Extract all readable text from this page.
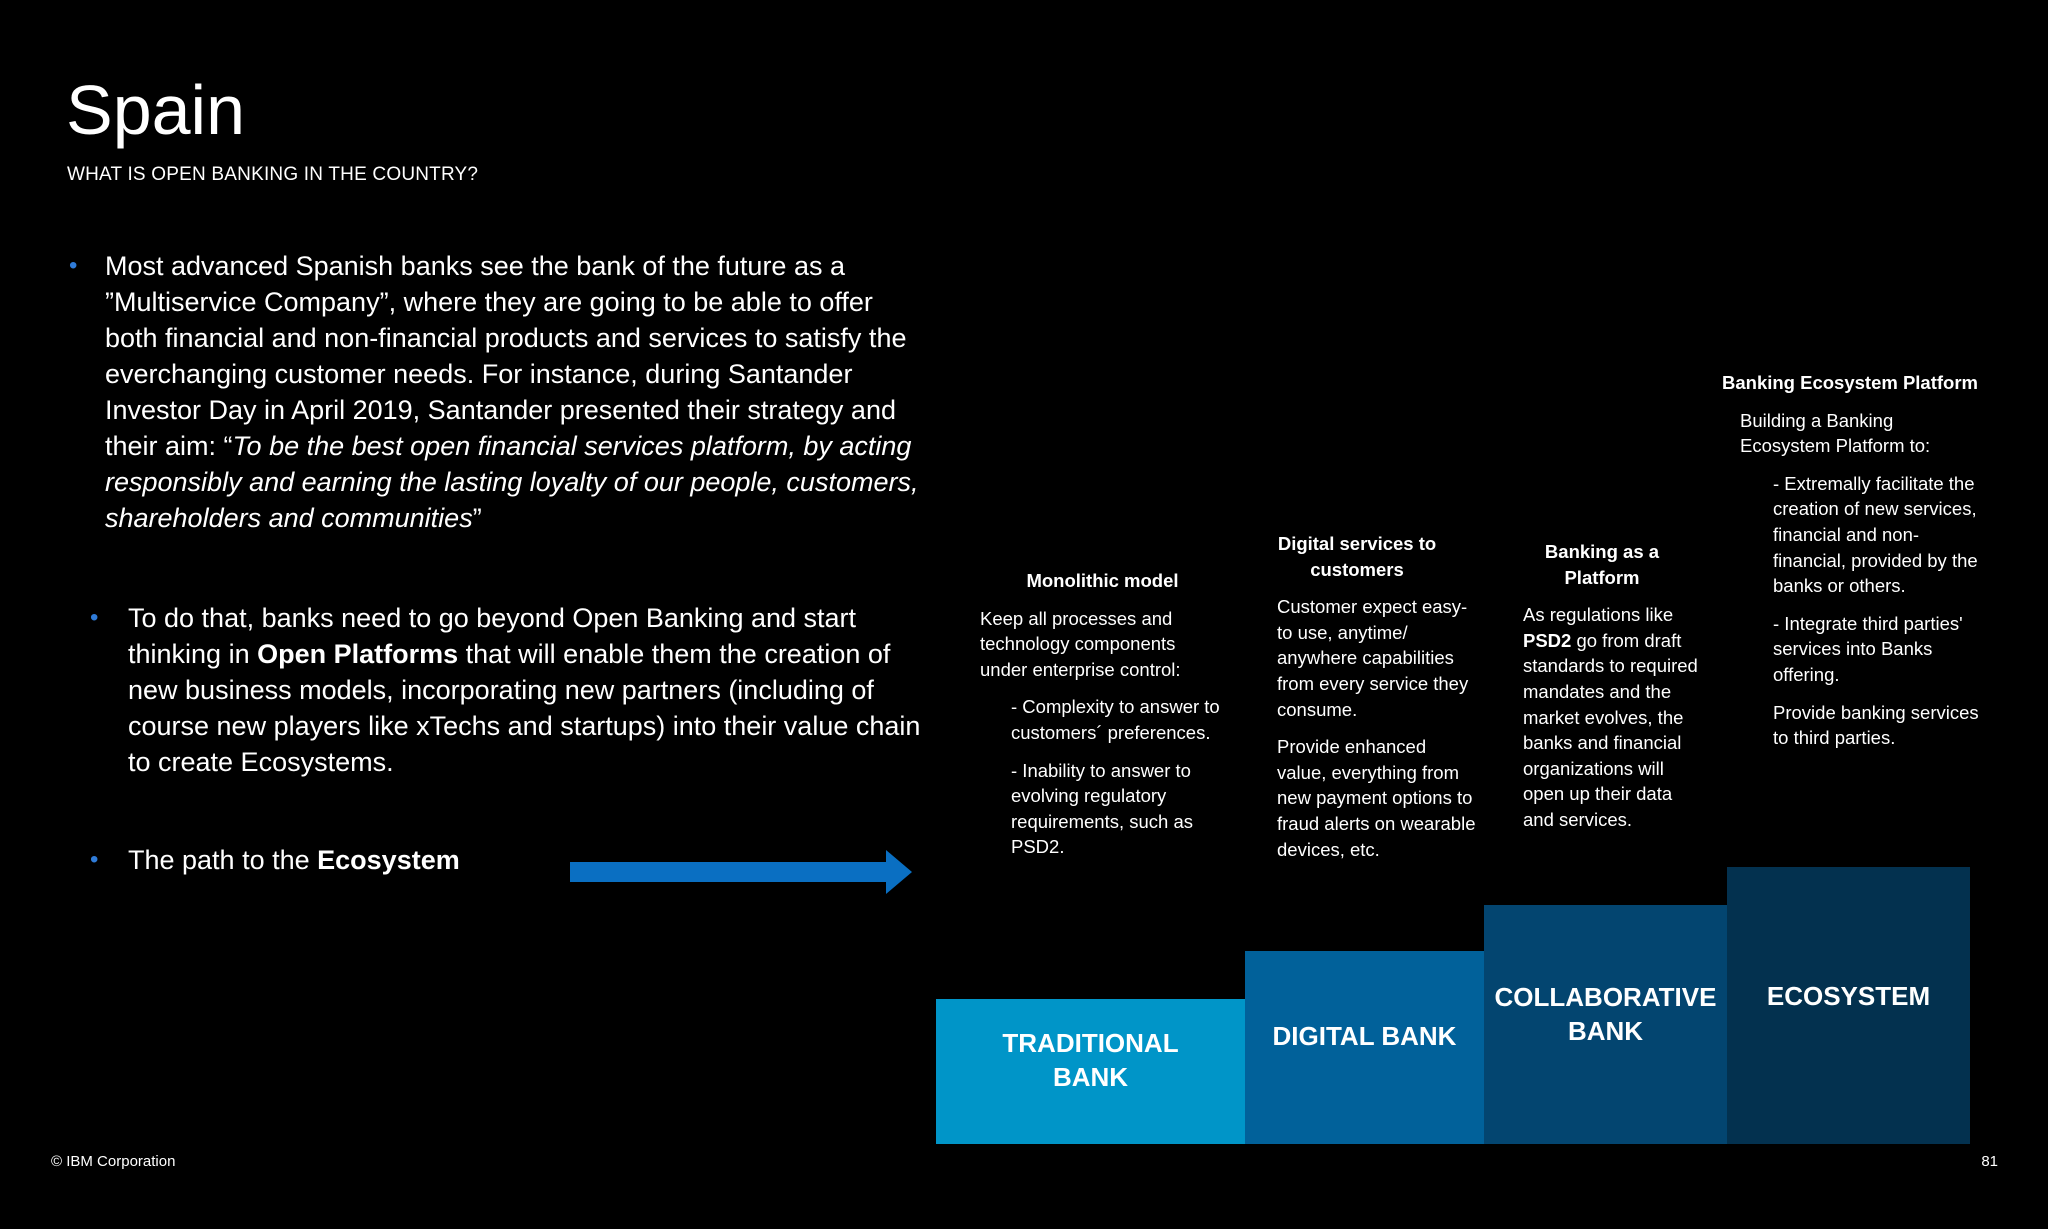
Spain
WHAT IS OPEN BANKING IN THE COUNTRY?
• Most advanced Spanish banks see the bank of the future as a ”Multiservice Company”, where they are going to be able to offer both financial and non-financial products and services to satisfy the everchanging customer needs. For instance, during Santander Investor Day in April 2019, Santander presented their strategy and their aim: “To be the best open financial services platform, by acting responsibly and earning the lasting loyalty of our people, customers, shareholders and communities”
• To do that, banks need to go beyond Open Banking and start thinking in Open Platforms that will enable them the creation of new business models, incorporating new partners (including of course new players like xTechs and startups) into their value chain to create Ecosystems.
• The path to the Ecosystem
Monolithic model

Keep all processes and technology components under enterprise control:

- Complexity to answer to customers´ preferences.

- Inability to answer to evolving regulatory requirements, such as PSD2.

Digital services to customers

Customer expect easy-to use, anytime/ anywhere capabilities from every service they consume.

Provide enhanced value, everything from new payment options to fraud alerts on wearable devices, etc.

Banking as a Platform

As regulations like PSD2 go from draft standards to required mandates and the market evolves, the banks and financial organizations will open up their data and services.

Banking Ecosystem Platform

Building a Banking Ecosystem Platform to:

- Extremally facilitate the creation of new services, financial and non-financial, provided by the banks or others.

- Integrate third parties' services into Banks offering.

Provide banking services to third parties.

TRADITIONAL BANK
DIGITAL BANK
COLLABORATIVE BANK
ECOSYSTEM
© IBM Corporation	81
